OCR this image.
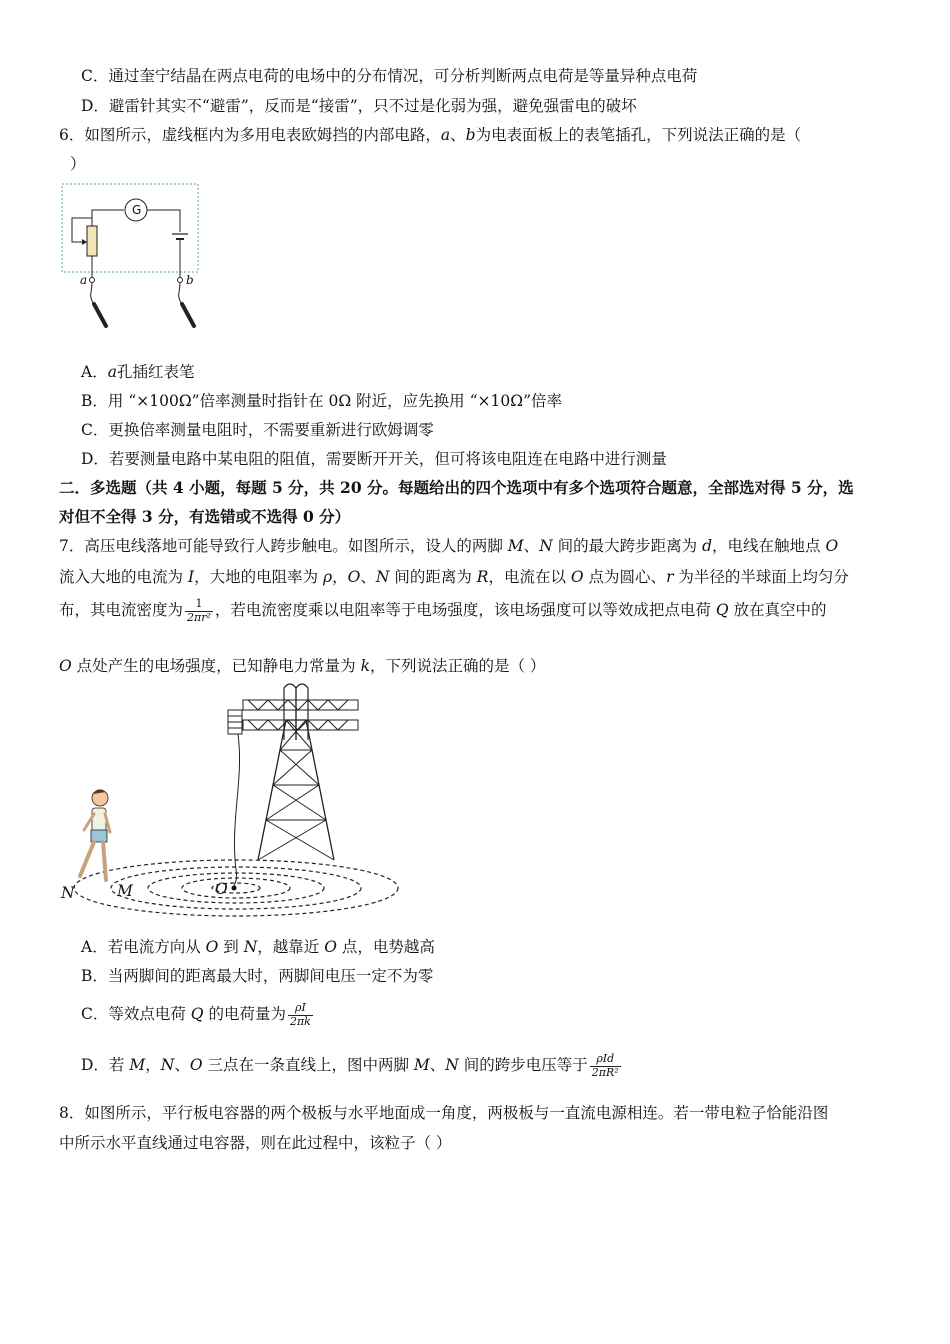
C．通过奎宁结晶在两点电荷的电场中的分布情况，可分析判断两点电荷是等量异种点电荷
D．避雷针其实不“避雷”，反而是“接雷”，只不过是化弱为强，避免强雷电的破坏
6．如图所示，虚线框内为多用电表欧姆挡的内部电路，a、b为电表面板上的表笔插孔，下列说法正确的是（
）
G
a	b
A．a孔插红表笔
B．用 “×100Ω”倍率测量时指针在 0Ω 附近，应先换用 “×10Ω”倍率
C．更换倍率测量电阻时，不需要重新进行欧姆调零
D．若要测量电路中某电阻的阻值，需要断开开关，但可将该电阻连在电路中进行测量
二．多选题（共 4 小题，每题 5 分，共 20 分。每题给出的四个选项中有多个选项符合题意，全部选对得 5 分，选
对但不全得 3 分，有选错或不选得 0 分）
7．高压电线落地可能导致行人跨步触电。如图所示，设人的两脚 M、N 间的最大跨步距离为 d，电线在触地点 O
流入大地的电流为 I，大地的电阻率为 ρ，O、N 间的距离为 R，电流在以 O 点为圆心、r 为半径的半球面上均匀分
布，其电流密度为 $\frac{1}{\text{2πr²}}$ ，若电流密度乘以电阻率等于电场强度，该电场强度可以等效成把点电荷 Q 放在真空中的
O 点处产生的电场强度，已知静电力常量为 k，下列说法正确的是（ ）
N	M	O
A．若电流方向从 O 到 N，越靠近 O 点，电势越高
B．当两脚间的距离最大时，两脚间电压一定不为零
C．等效点电荷 Q 的电荷量为 $\frac{\rho I}{2\pi k}$
D．若 M，N、O 三点在一条直线上，图中两脚 M、N 间的跨步电压等于 $\frac{\text{ρId}}{\text{2πR²}}$
8．如图所示，平行板电容器的两个极板与水平地面成一角度，两极板与一直流电源相连。若一带电粒子恰能沿图
中所示水平直线通过电容器，则在此过程中，该粒子（ ）
